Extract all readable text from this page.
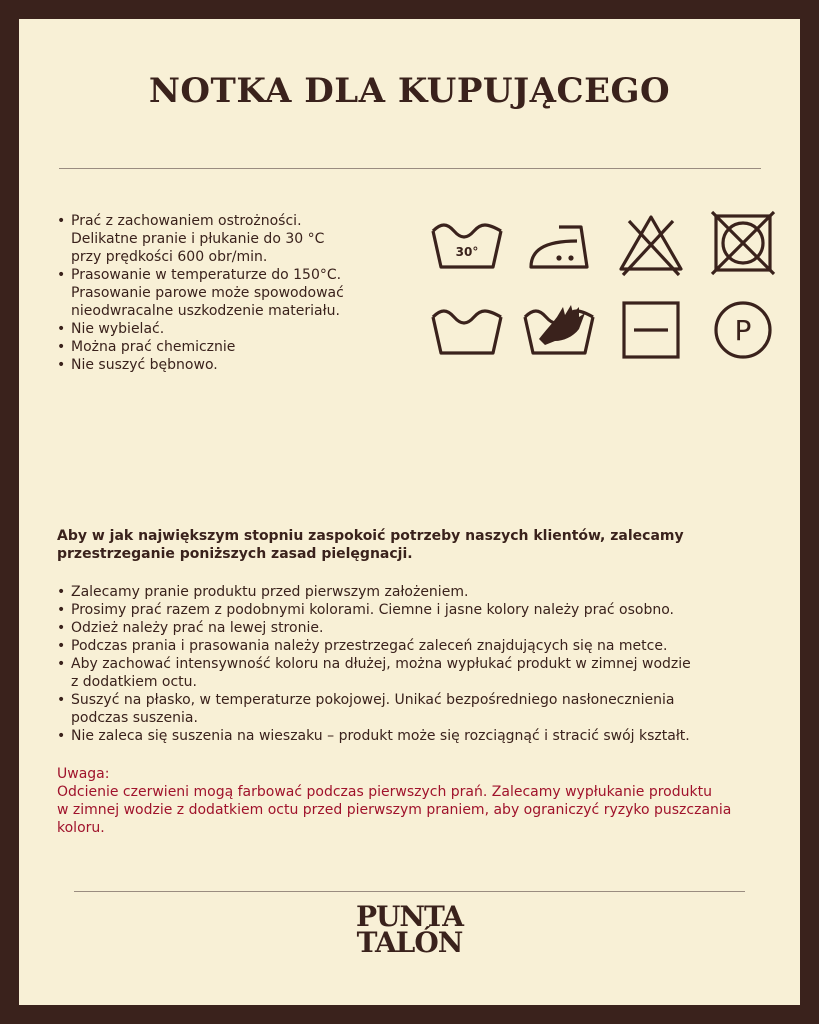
NOTKA DLA KUPUJĄCEGO
• Prać z zachowaniem ostrożności.
Delikatne pranie i płukanie do 30 °C
przy prędkości 600 obr/min.
• Prasowanie w temperaturze do 150°C.
Prasowanie parowe może spowodować
nieodwracalne uszkodzenie materiału.
• Nie wybielać.
• Można prać chemicznie
• Nie suszyć bębnowo.
30°
P

Aby w jak największym stopniu zaspokoić potrzeby naszych klientów, zalecamy przestrzeganie poniższych zasad pielęgnacji.

• Zalecamy pranie produktu przed pierwszym założeniem.
• Prosimy prać razem z podobnymi kolorami. Ciemne i jasne kolory należy prać osobno.
• Odzież należy prać na lewej stronie.
• Podczas prania i prasowania należy przestrzegać zaleceń znajdujących się na metce.
• Aby zachować intensywność koloru na dłużej, można wypłukać produkt w zimnej wodzie
z dodatkiem octu.
• Suszyć na płasko, w temperaturze pokojowej. Unikać bezpośredniego nasłonecznienia
podczas suszenia.
• Nie zaleca się suszenia na wieszaku – produkt może się rozciągnąć i stracić swój kształt.

Uwaga:

Odcienie czerwieni mogą farbować podczas pierwszych prań. Zalecamy wypłukanie produktu
w zimnej wodzie z dodatkiem octu przed pierwszym praniem, aby ograniczyć ryzyko puszczania
koloru.

PUNTA
TALÓN
